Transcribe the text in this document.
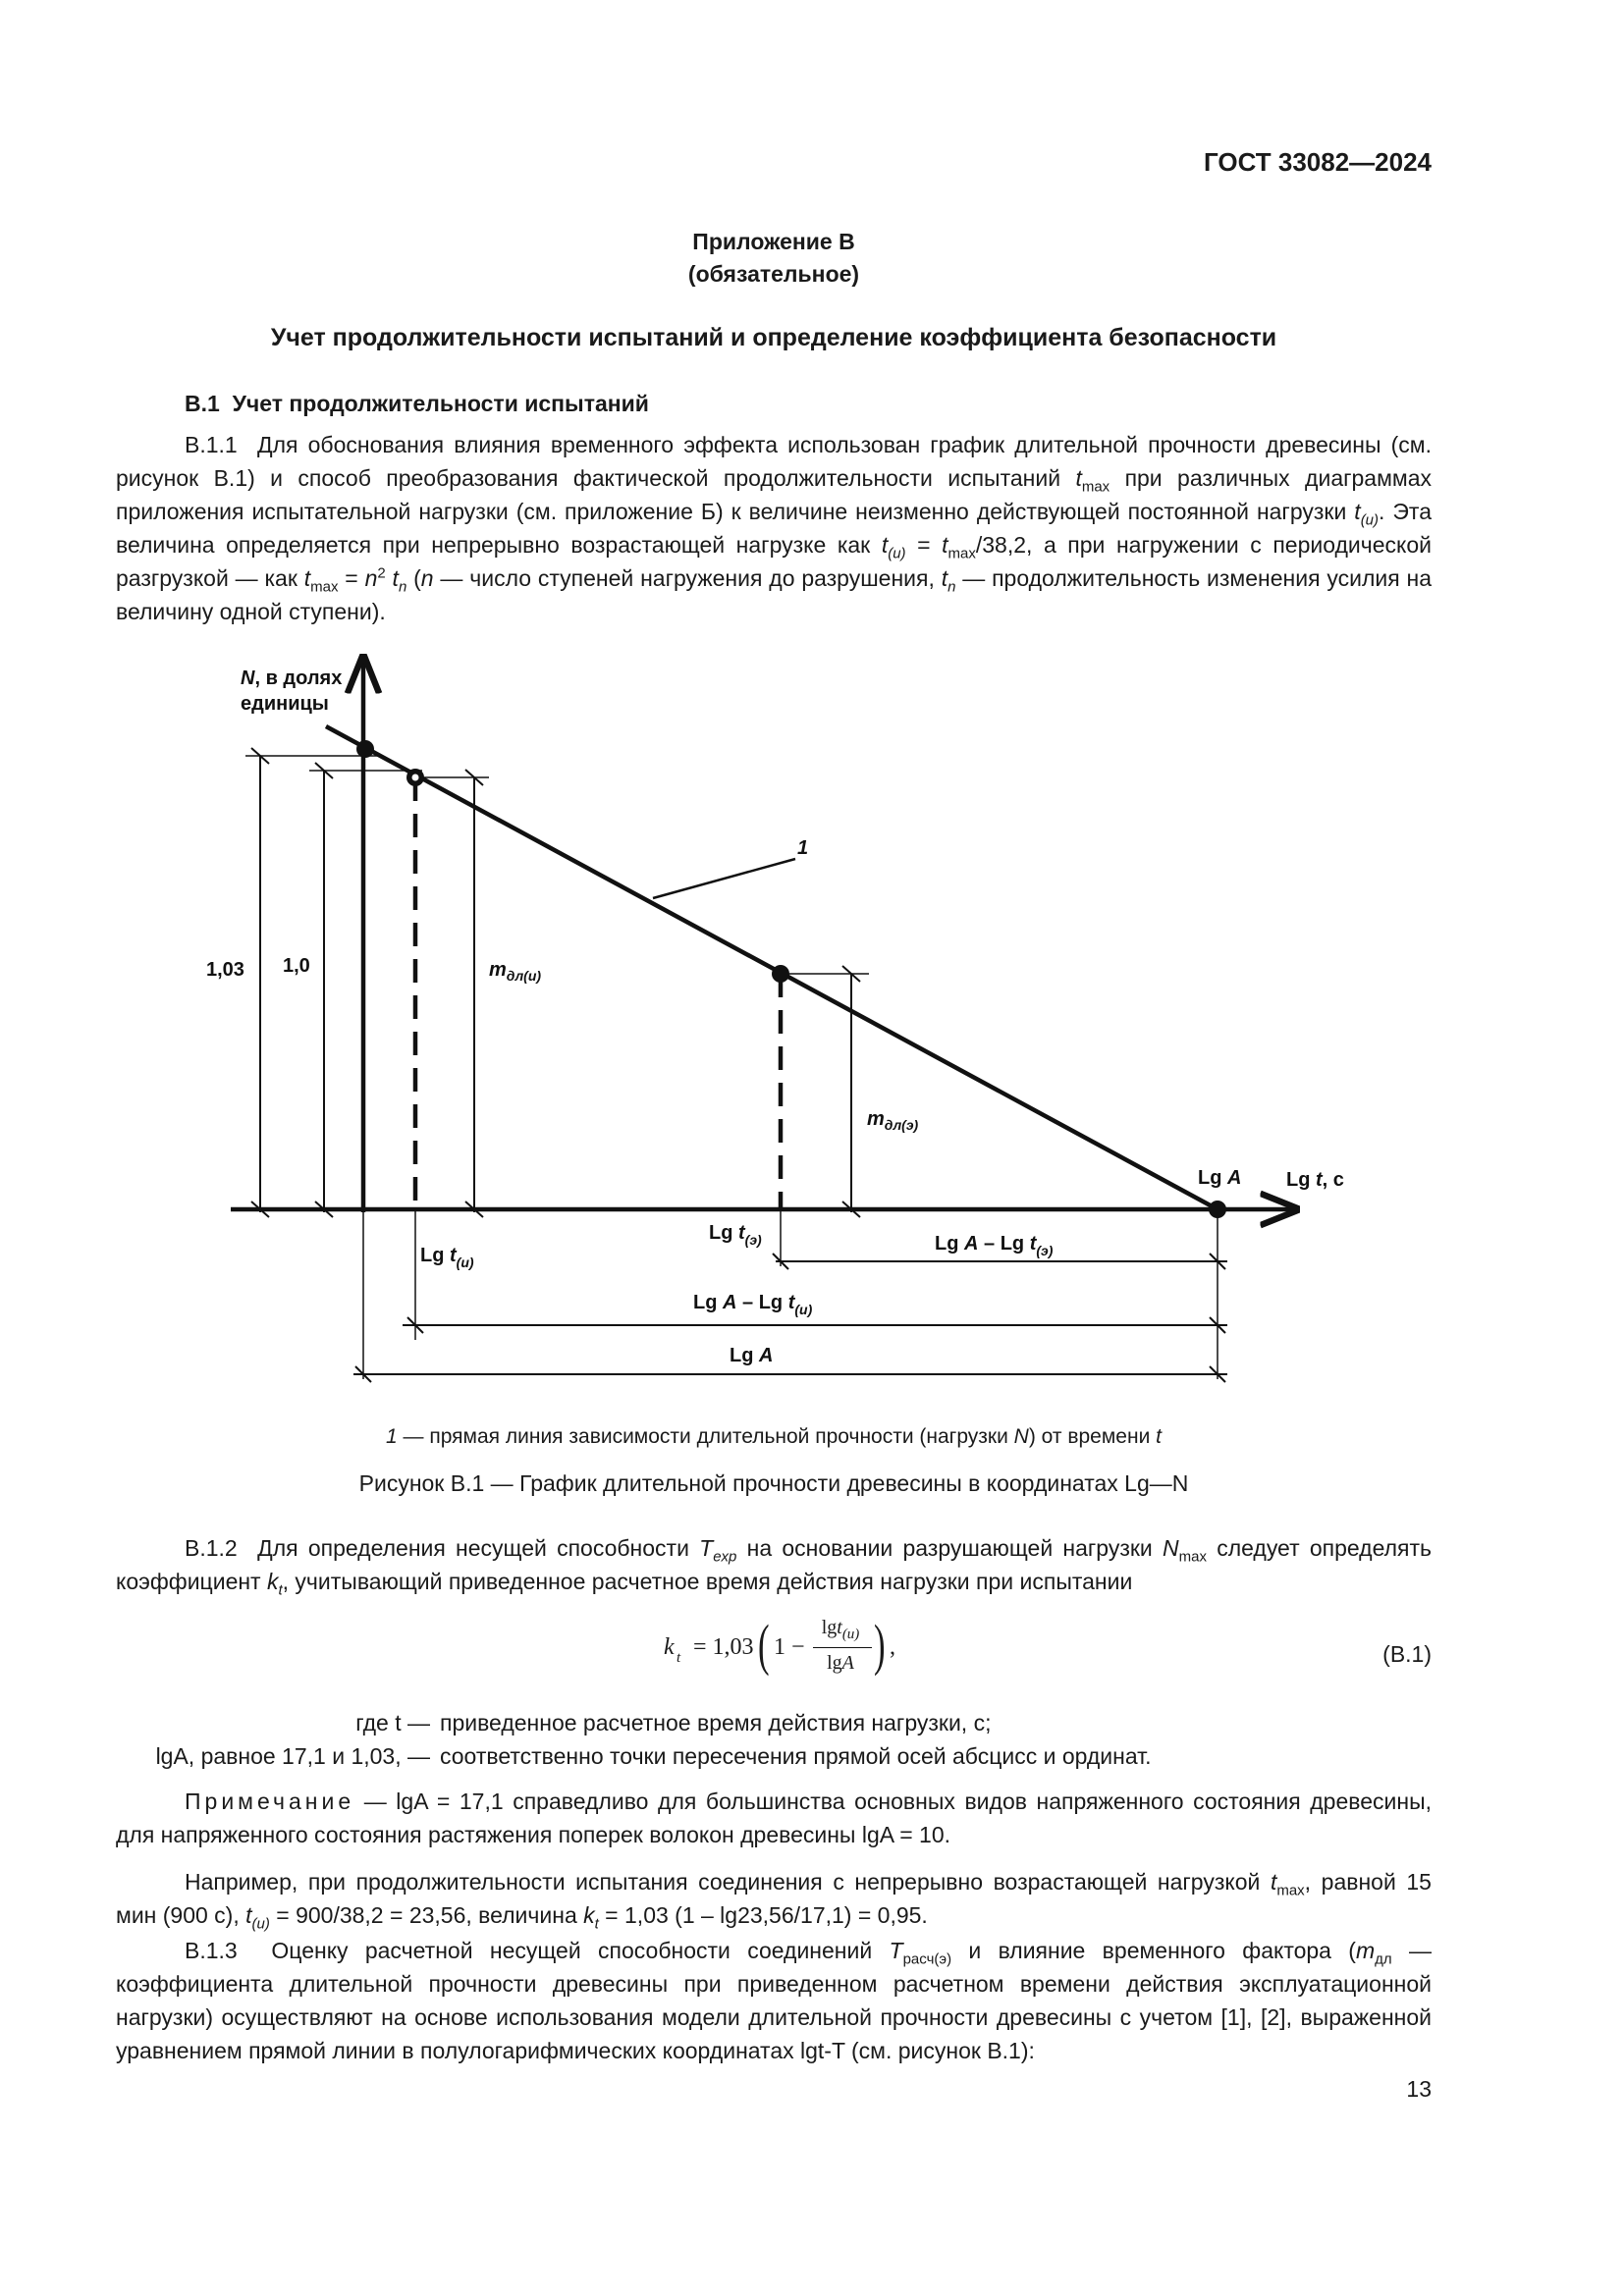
ГОСТ 33082—2024
Приложение В
(обязательное)
Учет продолжительности испытаний и определение коэффициента безопасности
В.1 Учет продолжительности испытаний
В.1.1 Для обоснования влияния временного эффекта использован график длительной прочности древесины (см. рисунок В.1) и способ преобразования фактической продолжительности испытаний $t_{max}$ при различных диаграммах приложения испытательной нагрузки (см. приложение Б) к величине неизменно действующей постоянной нагрузки $t_{(u)}$. Эта величина определяется при непрерывно возрастающей нагрузке как $t_{(u)} = t_{max}/38,2$, а при нагружении с периодической разгрузкой — как $t_{max} = n^2$ $t_n$ (n — число ступеней нагружения до разрушения, $t_n$ — продолжительность изменения усилия на величину одной ступени).
N, в долях
единицы
Lg t, с
1
1,03 1,0	$m_{дл(u)}$
$m_{дл(э)}$
Lg A
Lg $t_{(u)}$
Lg $t_{(э)}$	Lg A – Lg $t_{(э)}$
Lg A – Lg $t_{(u)}$
Lg A
1 — прямая линия зависимости длительной прочности (нагрузки N) от времени t
Рисунок В.1 — График длительной прочности древесины в координатах Lg—N
В.1.2 Для определения несущей способности $T_{exp}$ на основании разрушающей нагрузки $N_{max}$ следует определять коэффициент $k_t$, учитывающий приведенное расчетное время действия нагрузки при испытании
k t = 1,03 ( 1 −
lgt$_{(u)}$
lgA ) ,	(В.1)
где t — приведенное расчетное время действия нагрузки, с;
lgA, равное 17,1 и 1,03, — соответственно точки пересечения прямой осей абсцисс и ординат.
Примечание — lgA = 17,1 справедливо для большинства основных видов напряженного состояния древесины, для напряженного состояния растяжения поперек волокон древесины lgA = 10.
Например, при продолжительности испытания соединения с непрерывно возрастающей нагрузкой $t_{max}$, равной 15 мин (900 с), $t_{(u)} = 900/38,2 = 23,56$, величина $k_t = 1,03$ (1 – lg23,56/17,1) = 0,95.
В.1.3 Оценку расчетной несущей способности соединений $T_{расч(э)}$ и влияние временного фактора ($m_{дл}$ — коэффициента длительной прочности древесины при приведенном расчетном времени действия эксплуатационной нагрузки) осуществляют на основе использования модели длительной прочности древесины с учетом [1], [2], выраженной уравнением прямой линии в полулогарифмических координатах lgt-T (см. рисунок В.1):
13
